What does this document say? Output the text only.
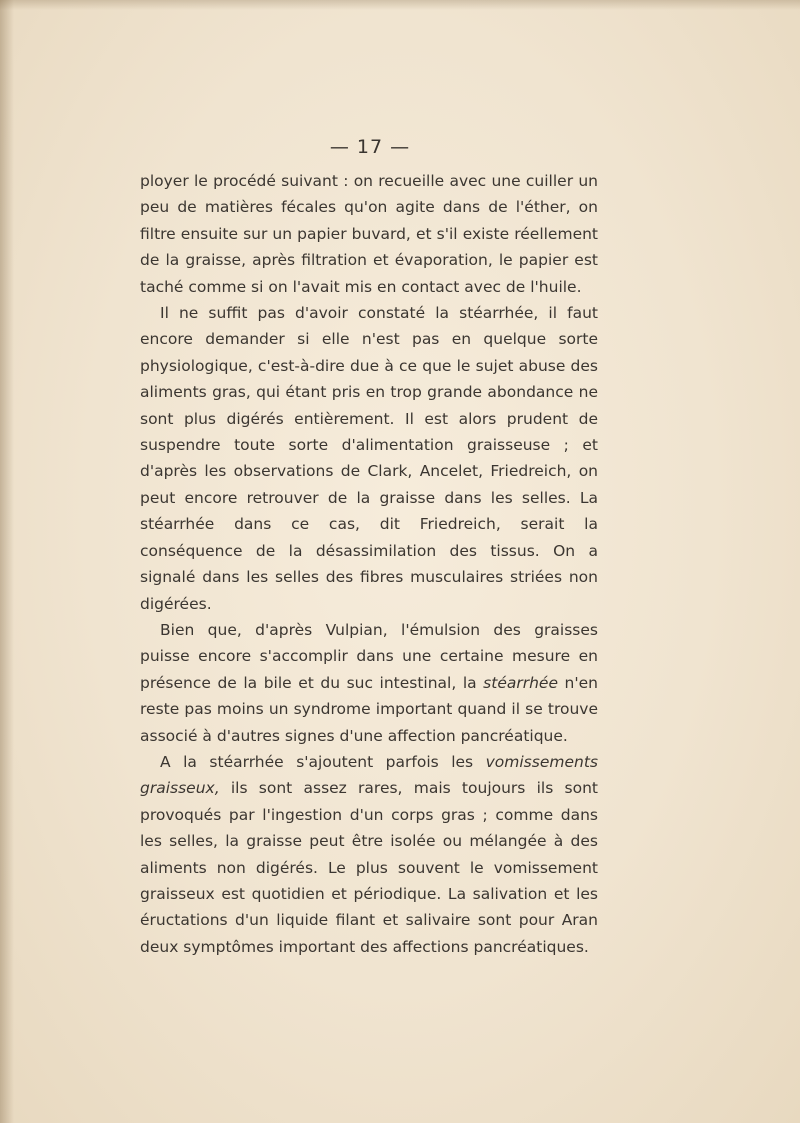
— 17 —

ployer le procédé suivant : on recueille avec une cuiller un peu de matières fécales qu'on agite dans de l'éther, on filtre ensuite sur un papier buvard, et s'il existe réellement de la graisse, après filtration et évaporation, le papier est taché comme si on l'avait mis en contact avec de l'huile.

Il ne suffit pas d'avoir constaté la stéarrhée, il faut encore demander si elle n'est pas en quelque sorte physiologique, c'est-à-dire due à ce que le sujet abuse des aliments gras, qui étant pris en trop grande abondance ne sont plus digérés entièrement. Il est alors prudent de suspendre toute sorte d'alimentation graisseuse ; et d'après les observations de Clark, Ancelet, Friedreich, on peut encore retrouver de la graisse dans les selles. La stéarrhée dans ce cas, dit Friedreich, serait la conséquence de la désassimilation des tissus. On a signalé dans les selles des fibres musculaires striées non digérées.

Bien que, d'après Vulpian, l'émulsion des graisses puisse encore s'accomplir dans une certaine mesure en présence de la bile et du suc intestinal, la stéarrhée n'en reste pas moins un syndrome important quand il se trouve associé à d'autres signes d'une affection pancréatique.

A la stéarrhée s'ajoutent parfois les vomissements graisseux, ils sont assez rares, mais toujours ils sont provoqués par l'ingestion d'un corps gras ; comme dans les selles, la graisse peut être isolée ou mélangée à des aliments non digérés. Le plus souvent le vomissement graisseux est quotidien et périodique. La salivation et les éructations d'un liquide filant et salivaire sont pour Aran deux symptômes important des affections pancréatiques.
